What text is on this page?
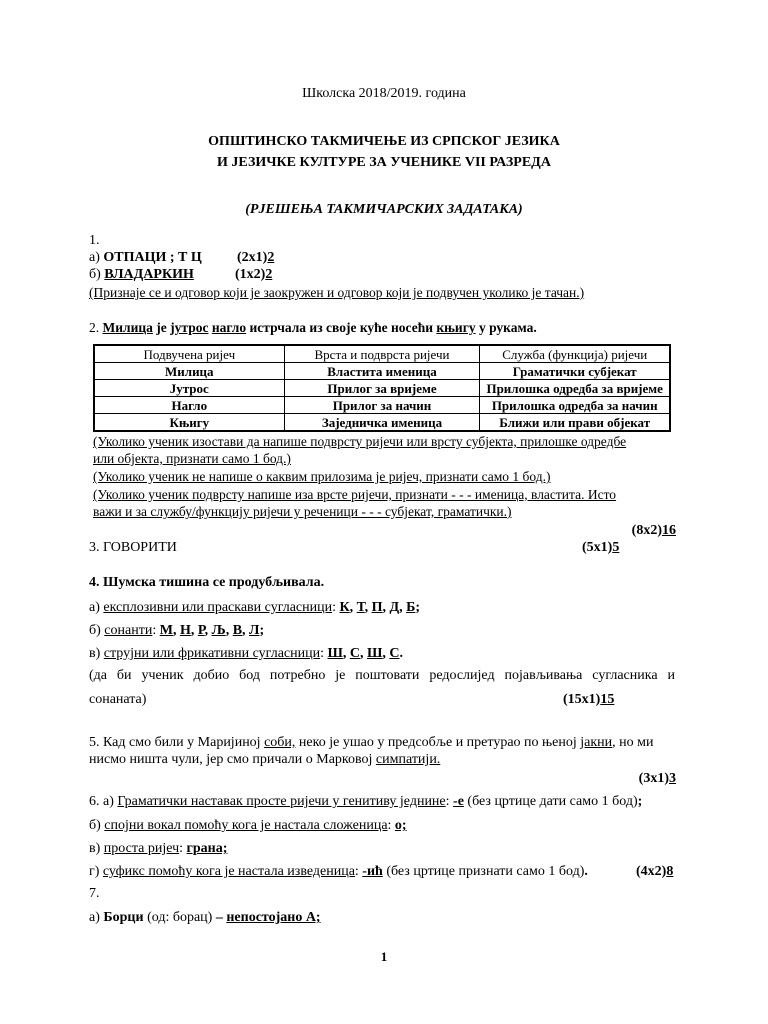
Школска 2018/2019. година
ОПШТИНСКО ТАКМИЧЕЊЕ ИЗ СРПСКОГ ЈЕЗИКА
И ЈЕЗИЧКЕ КУЛТУРЕ ЗА УЧЕНИКЕ VII РАЗРЕДА
(РЈЕШЕЊА ТАКМИЧАРСКИХ ЗАДАТАКА)
1.
а) ОТПАЦИ ; Т Ц	(2x1)2
б) ВЛАДАРКИН	(1x2)2
(Признаје се и одговор који је заокружен и одговор који је подвучен уколико је тачан.)
2. Милица је јутрос нагло истрчала из своје куће носећи књигу у рукама.
Подвучена ријеч	Врста и подврста ријечи	Служба (функција) ријечи
Милица	Властита именица	Граматички субјекат
Јутрос	Прилог за вријеме	Прилошка одредба за вријеме
Нагло	Прилог за начин	Прилошка одредба за начин
Књигу	Заједничка именица	Ближи или прави објекат
(Уколико ученик изостави да напише подврсту ријечи или врсту субјекта, прилошке одредбе
или објекта, признати само 1 бод.)
(Уколико ученик не напише о каквим прилозима је ријеч, признати само 1 бод.)
(Уколико ученик подврсту напише иза врсте ријечи, признати - - - именица, властита. Исто
важи и за службу/функцију ријечи у реченици - - - субјекат, граматички.)
(8x2)16
3. ГОВОРИТИ	(5x1)5
4. Шумска тишина се продубљивала.
а) експлозивни или праскави сугласници: К, Т, П, Д, Б;
б) сонанти: М, Н, Р, Љ, В, Л;
в) струјни или фрикативни сугласници: Ш, С, Ш, С.
(да би ученик добио бод потребно је поштовати редослијед појављивања сугласника и
сонаната)	(15x1)15
5. Кад смо били у Маријиној соби, неко је ушао у предсобље и претурао по њеној јакни, но ми
нисмо ништа чули, јер смо причали о Марковој симпатији.
(3x1)3
6. а) Граматички наставак просте ријечи у генитиву једнине: -е (без цртице дати само 1 бод);
б) спојни вокал помоћу кога је настала сложеница: о;
в) проста ријеч: грана;
г) суфикс помоћу кога је настала изведеница: -ић (без цртице признати само 1 бод).	(4x2)8
7.
а) Борци (од: борац) – непостојано А;
1
